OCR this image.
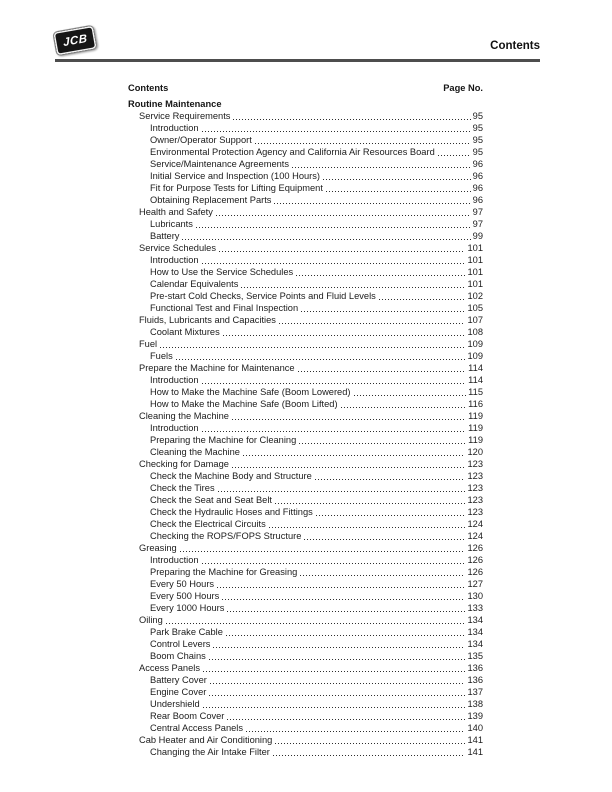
JCB	Contents
Contents	Page No.
Routine Maintenance
Service Requirements	95
Introduction	95
Owner/Operator Support	95
Environmental Protection Agency and California Air Resources Board	95
Service/Maintenance Agreements	96
Initial Service and Inspection (100 Hours)	96
Fit for Purpose Tests for Lifting Equipment	96
Obtaining Replacement Parts	96
Health and Safety	97
Lubricants	97
Battery	99
Service Schedules	101
Introduction	101
How to Use the Service Schedules	101
Calendar Equivalents	101
Pre-start Cold Checks, Service Points and Fluid Levels	102
Functional Test and Final Inspection	105
Fluids, Lubricants and Capacities	107
Coolant Mixtures	108
Fuel	109
Fuels	109
Prepare the Machine for Maintenance	114
Introduction	114
How to Make the Machine Safe (Boom Lowered)	115
How to Make the Machine Safe (Boom Lifted)	116
Cleaning the Machine	119
Introduction	119
Preparing the Machine for Cleaning	119
Cleaning the Machine	120
Checking for Damage	123
Check the Machine Body and Structure	123
Check the Tires	123
Check the Seat and Seat Belt	123
Check the Hydraulic Hoses and Fittings	123
Check the Electrical Circuits	124
Checking the ROPS/FOPS Structure	124
Greasing	126
Introduction	126
Preparing the Machine for Greasing	126
Every 50 Hours	127
Every 500 Hours	130
Every 1000 Hours	133
Oiling	134
Park Brake Cable	134
Control Levers	134
Boom Chains	135
Access Panels	136
Battery Cover	136
Engine Cover	137
Undershield	138
Rear Boom Cover	139
Central Access Panels	140
Cab Heater and Air Conditioning	141
Changing the Air Intake Filter	141
